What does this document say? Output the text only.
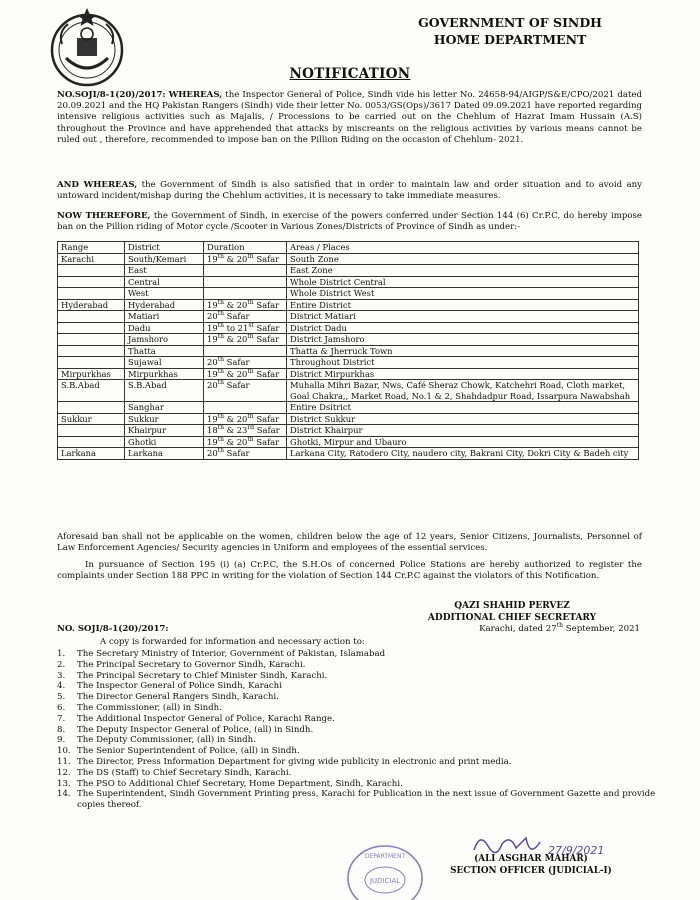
GOVERNMENT OF SINDH
HOME DEPARTMENT
NOTIFICATION
NO.SOJI/8-1(20)/2017: WHEREAS, the Inspector General of Police, Sindh vide his letter No. 24658-94/AIGP/S&E/CPO/2021 dated 20.09.2021 and the HQ Pakistan Rangers (Sindh) vide their letter No. 0053/GS(Ops)/3617 Dated 09.09.2021 have reported regarding intensive religious activities such as Majalis, / Processions to be carried out on the Chehlum of Hazrat Imam Hussain (A.S) throughout the Province and have apprehended that attacks by miscreants on the religious activities by various means cannot be ruled out , therefore, recommended to impose ban on the Pillion Riding on the occasion of Chehlum- 2021.
AND WHEREAS, the Government of Sindh is also satisfied that in order to maintain law and order situation and to avoid any untoward incident/mishap during the Chehlum activities, it is necessary to take immediate measures.
NOW THEREFORE, the Government of Sindh, in exercise of the powers conferred under Section 144 (6) Cr.P.C, do hereby impose ban on the Pillion riding of Motor cycle /Scooter in Various Zones/Districts of Province of Sindh as under:-
Range	District	Duration	Areas / Places
Karachi	South/Kemari	19th & 20th Safar	South Zone
	East		East Zone
	Central		Whole District Central
	West		Whole District West
Hyderabad	Hyderabad	19th & 20th Safar	Entire District
	Matiari	20th Safar	District Matiari
	Dadu	19th to 21st Safar	District Dadu
	Jamshoro	19th & 20th Safar	District Jamshoro
	Thatta		Thatta & Jherruck Town
	Sujawal	20th Safar	Throughout District
Mirpurkhas	Mirpurkhas	19th & 20th Safar	District Mirpurkhas
S.B.Abad	S.B.Abad	20th Safar	Muhalla Mihri Bazar, Nws, Café Sheraz Chowk, Katchehri Road, Cloth market, Goal Chakra,, Market Road, No.1 & 2, Shahdadpur Road, Issarpura Nawabshah
	Sanghar		Entire Dsitrict
Sukkur	Sukkur	19th & 20th Safar	District Sukkur
	Khairpur	18th & 23rd Safar	District Khairpur
	Ghotki	19th & 20th Safar	Ghotki, Mirpur and Ubauro
Larkana	Larkana	20th Safar	Larkana City, Ratodero City, naudero city, Bakrani City, Dokri City & Badeh city
Aforesaid ban shall not be applicable on the women, children below the age of 12 years, Senior Citizens, Journalists, Personnel of Law Enforcement Agencies/ Security agencies in Uniform and employees of the essential services.
In pursuance of Section 195 (i) (a) Cr.P.C, the S.H.Os of concerned Police Stations are hereby authorized to register the complaints under Section 188 PPC in writing for the violation of Section 144 Cr.P.C against the violators of this Notification.
QAZI SHAHID PERVEZ
ADDITIONAL CHIEF SECRETARY
NO. SOJI/8-1(20)/2017:	Karachi, dated 27th September, 2021
A copy is forwarded for information and necessary action to:
1.	The Secretary Ministry of Interior, Government of Pakistan, Islamabad
2.	The Principal Secretary to Governor Sindh, Karachi.
3.	The Principal Secretary to Chief Minister Sindh, Karachi.
4.	The Inspector General of Police Sindh, Karachi
5.	The Director General Rangers Sindh, Karachi.
6.	The Commissioner, (all) in Sindh.
7.	The Additional Inspector General of Police, Karachi Range.
8.	The Deputy Inspector General of Police, (all) in Sindh.
9.	The Deputy Commissioner, (all) in Sindh.
10. The Senior Superintendent of Police, (all) in Sindh.
11. The Director, Press Information Department for giving wide publicity in electronic and print media.
12. The DS (Staff) to Chief Secretary Sindh, Karachi.
13. The PSO to Additional Chief Secretary, Home Department, Sindh, Karachi.
14. The Superintendent, Sindh Government Printing press, Karachi for Publication in the next issue of Government Gazette and provide copies thereof.
27/9/2021
(ALI ASGHAR MAHAR)
SECTION OFFICER (JUDICIAL-I)
JUDICIAL
DEPARTMENT
